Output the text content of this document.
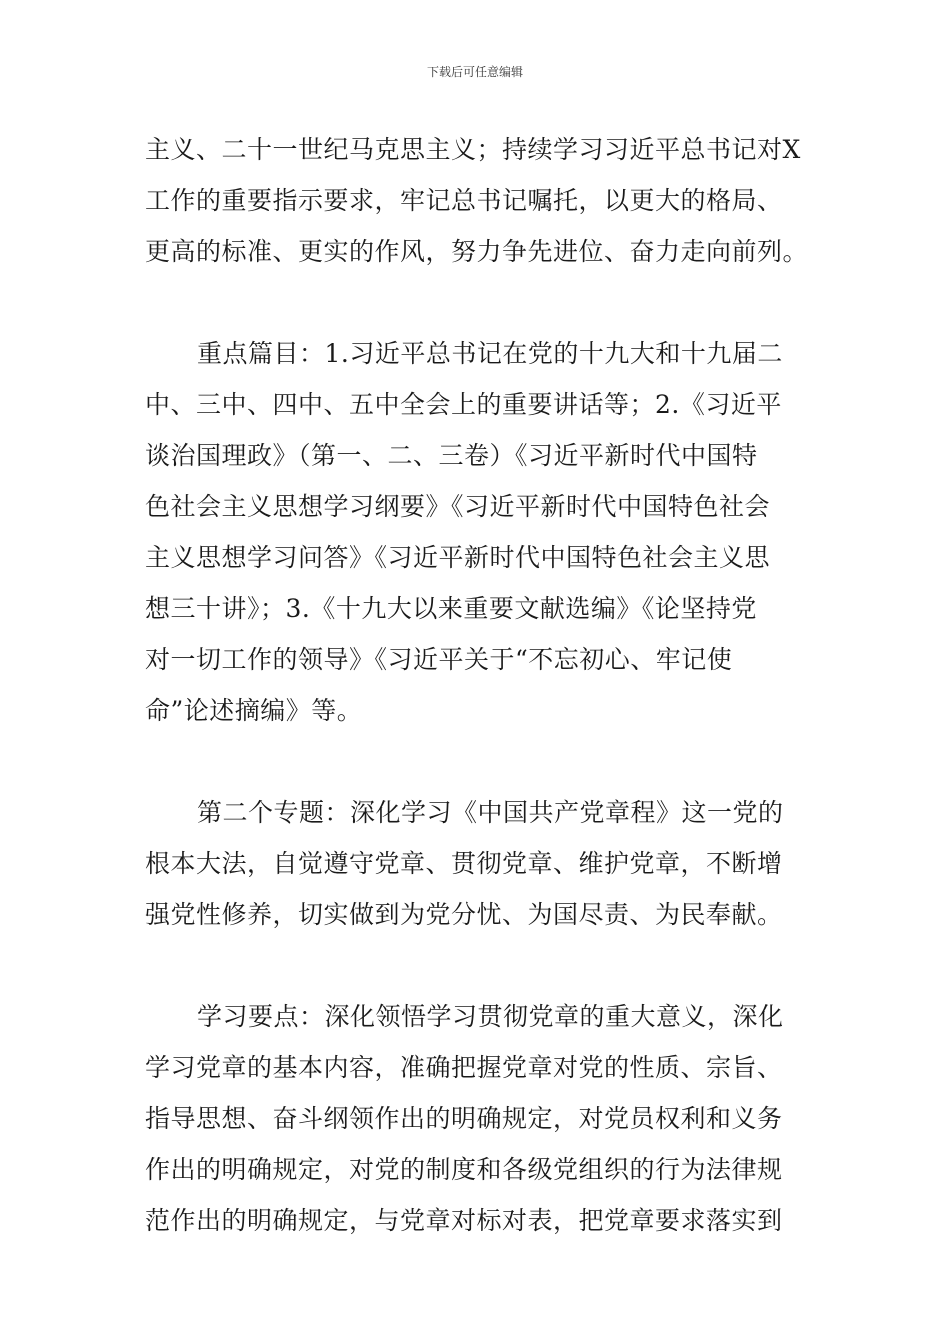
下载后可任意编辑

主义、二十一世纪马克思主义；持续学习习近平总书记对X
工作的重要指示要求，牢记总书记嘱托，以更大的格局、
更高的标准、更实的作风，努力争先进位、奋力走向前列。

重点篇目：1.习近平总书记在党的十九大和十九届二
中、三中、四中、五中全会上的重要讲话等；2.《习近平
谈治国理政》（第一、二、三卷）《习近平新时代中国特
色社会主义思想学习纲要》《习近平新时代中国特色社会
主义思想学习问答》《习近平新时代中国特色社会主义思
想三十讲》；3.《十九大以来重要文献选编》《论坚持党
对一切工作的领导》《习近平关于“不忘初心、牢记使
命”论述摘编》等。

第二个专题：深化学习《中国共产党章程》这一党的
根本大法，自觉遵守党章、贯彻党章、维护党章，不断增
强党性修养，切实做到为党分忧、为国尽责、为民奉献。

学习要点：深化领悟学习贯彻党章的重大意义，深化
学习党章的基本内容，准确把握党章对党的性质、宗旨、
指导思想、奋斗纲领作出的明确规定，对党员权利和义务
作出的明确规定，对党的制度和各级党组织的行为法律规
范作出的明确规定，与党章对标对表，把党章要求落实到
